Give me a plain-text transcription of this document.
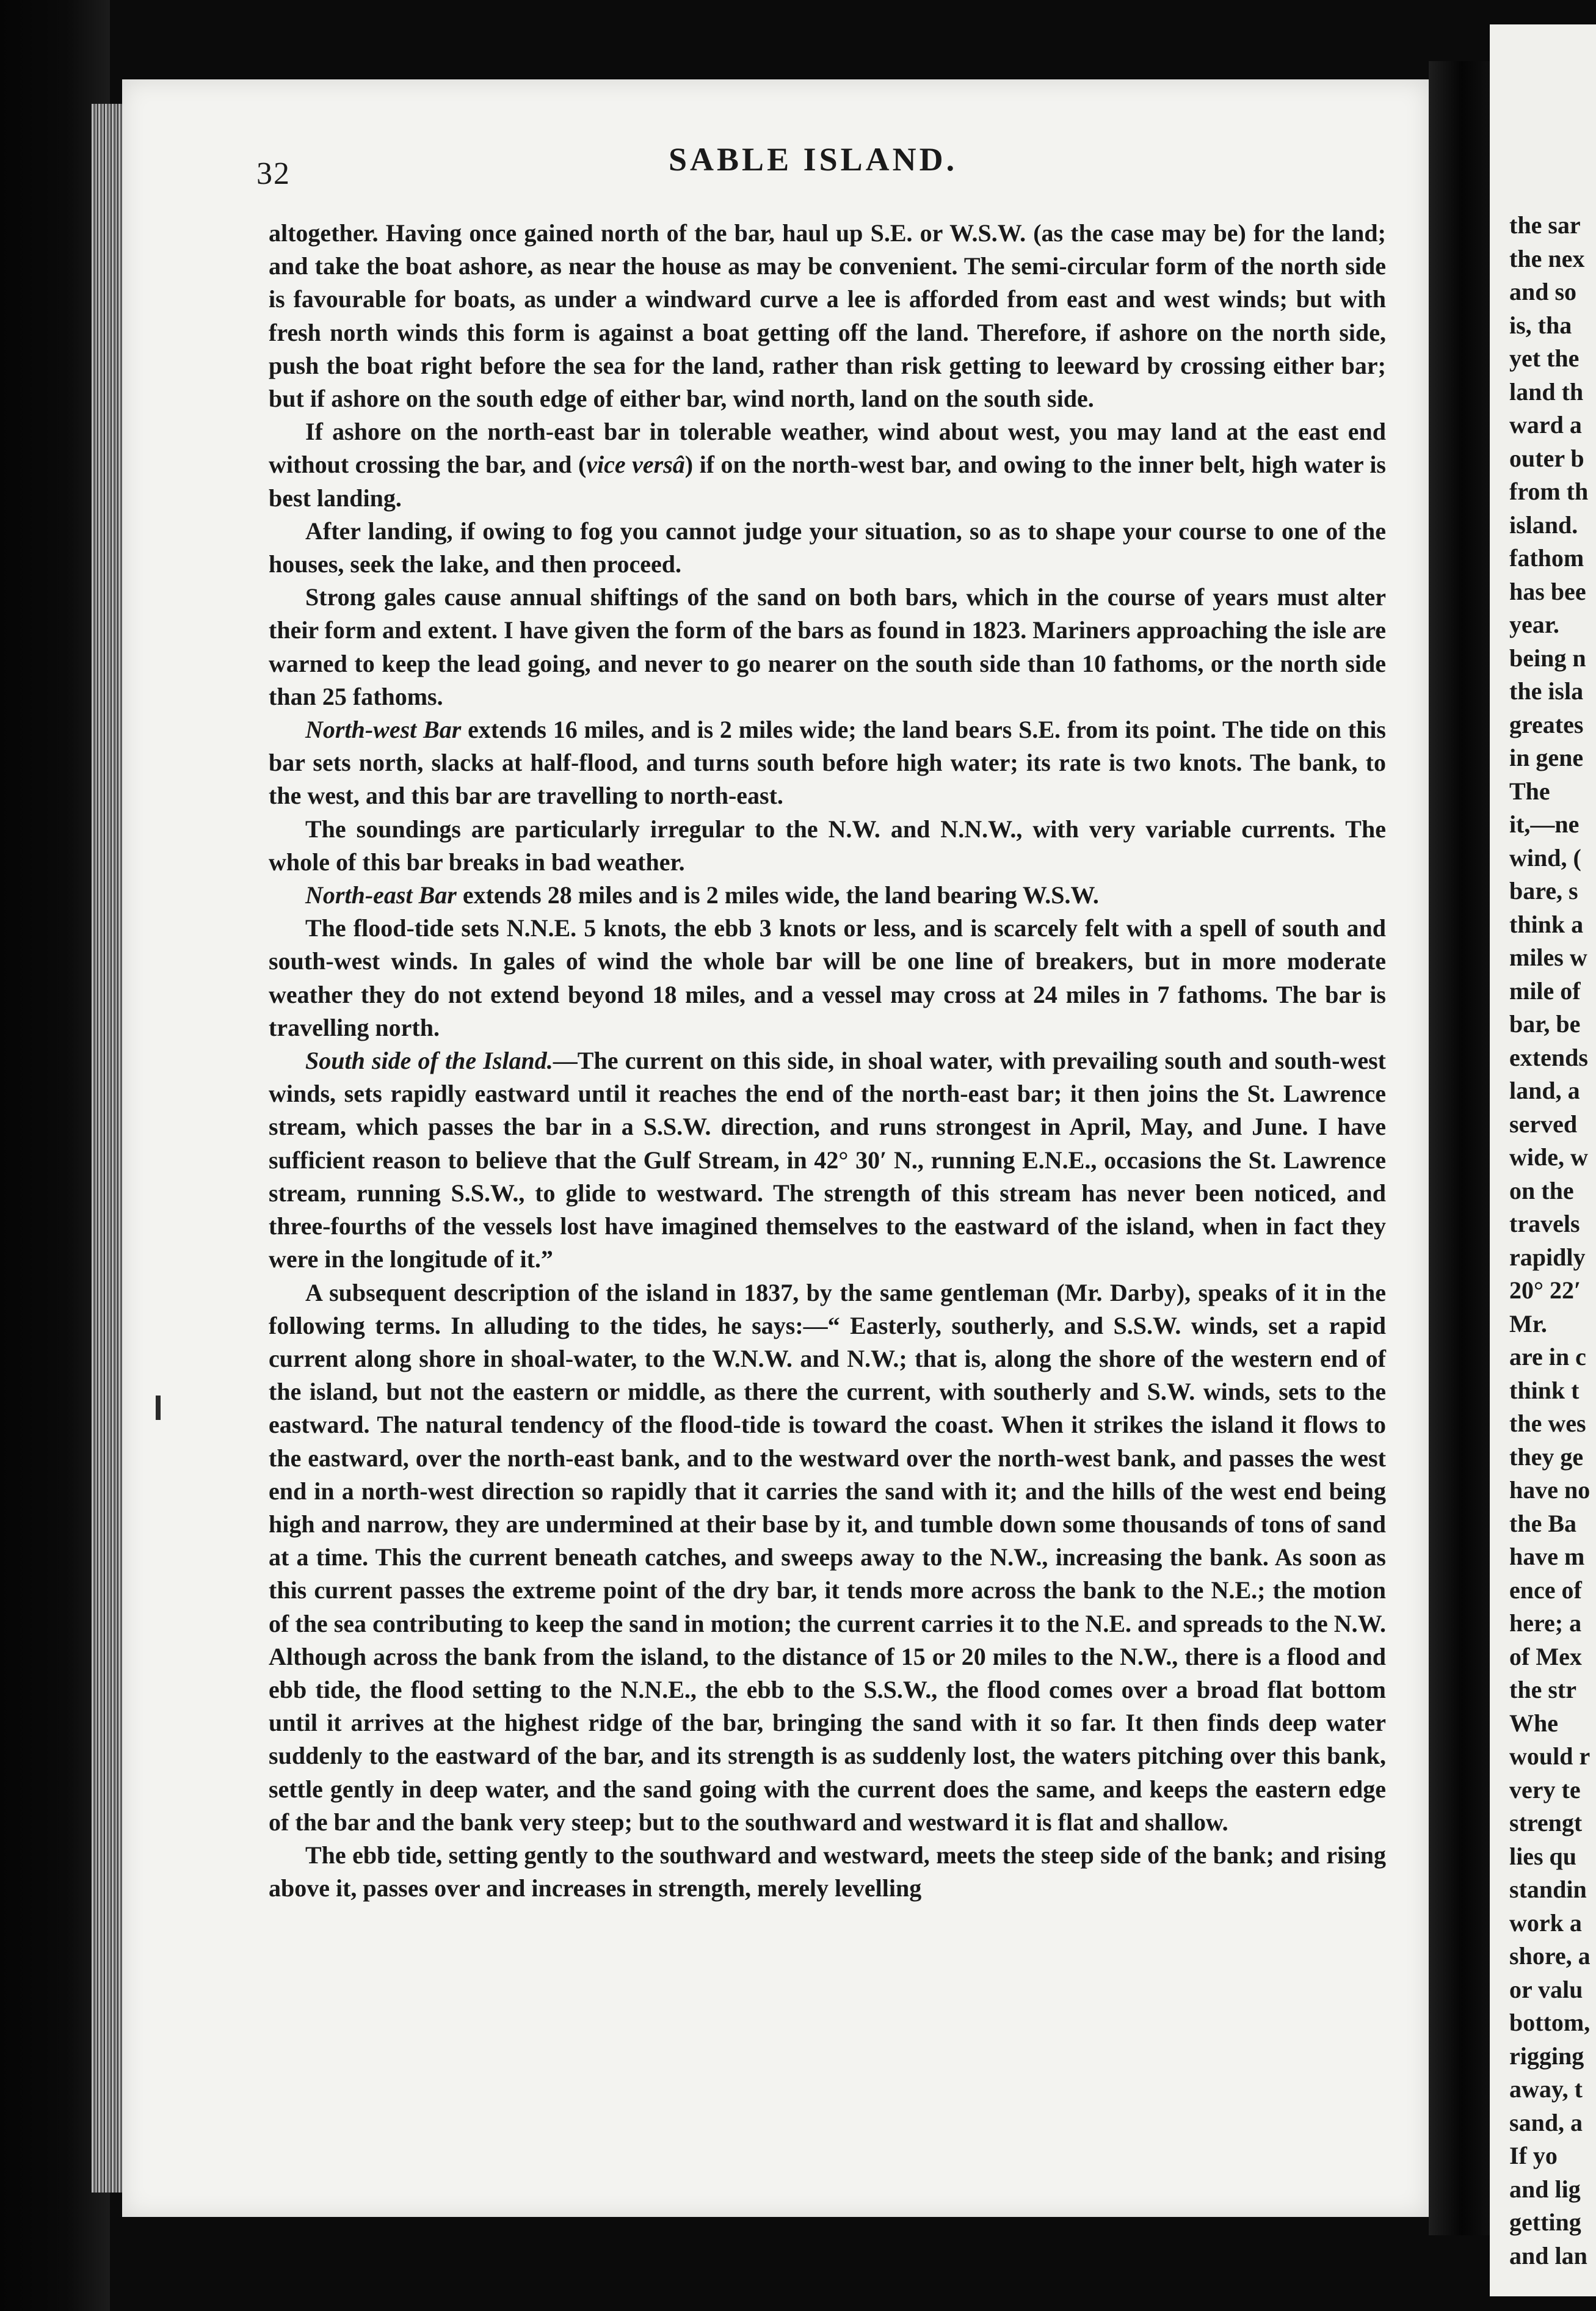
32	SABLE ISLAND.

altogether. Having once gained north of the bar, haul up S.E. or W.S.W. (as the case may be) for the land; and take the boat ashore, as near the house as may be convenient. The semi-circular form of the north side is favourable for boats, as under a windward curve a lee is afforded from east and west winds; but with fresh north winds this form is against a boat getting off the land. Therefore, if ashore on the north side, push the boat right before the sea for the land, rather than risk getting to leeward by crossing either bar; but if ashore on the south edge of either bar, wind north, land on the south side.

If ashore on the north-east bar in tolerable weather, wind about west, you may land at the east end without crossing the bar, and (vice versâ) if on the north-west bar, and owing to the inner belt, high water is best landing.

After landing, if owing to fog you cannot judge your situation, so as to shape your course to one of the houses, seek the lake, and then proceed.

Strong gales cause annual shiftings of the sand on both bars, which in the course of years must alter their form and extent. I have given the form of the bars as found in 1823. Mariners approaching the isle are warned to keep the lead going, and never to go nearer on the south side than 10 fathoms, or the north side than 25 fathoms.

North-west Bar extends 16 miles, and is 2 miles wide; the land bears S.E. from its point. The tide on this bar sets north, slacks at half-flood, and turns south before high water; its rate is two knots. The bank, to the west, and this bar are travelling to north-east.

The soundings are particularly irregular to the N.W. and N.N.W., with very variable currents. The whole of this bar breaks in bad weather.

North-east Bar extends 28 miles and is 2 miles wide, the land bearing W.S.W.

The flood-tide sets N.N.E. 5 knots, the ebb 3 knots or less, and is scarcely felt with a spell of south and south-west winds. In gales of wind the whole bar will be one line of breakers, but in more moderate weather they do not extend beyond 18 miles, and a vessel may cross at 24 miles in 7 fathoms. The bar is travelling north.

South side of the Island.—The current on this side, in shoal water, with prevailing south and south-west winds, sets rapidly eastward until it reaches the end of the north-east bar; it then joins the St. Lawrence stream, which passes the bar in a S.S.W. direction, and runs strongest in April, May, and June. I have sufficient reason to believe that the Gulf Stream, in 42° 30′ N., running E.N.E., occasions the St. Lawrence stream, running S.S.W., to glide to westward. The strength of this stream has never been noticed, and three-fourths of the vessels lost have imagined themselves to the eastward of the island, when in fact they were in the longitude of it.”

A subsequent description of the island in 1837, by the same gentleman (Mr. Darby), speaks of it in the following terms. In alluding to the tides, he says:—“ Easterly, southerly, and S.S.W. winds, set a rapid current along shore in shoal-water, to the W.N.W. and N.W.; that is, along the shore of the western end of the island, but not the eastern or middle, as there the current, with southerly and S.W. winds, sets to the eastward. The natural tendency of the flood-tide is toward the coast. When it strikes the island it flows to the eastward, over the north-east bank, and to the westward over the north-west bank, and passes the west end in a north-west direction so rapidly that it carries the sand with it; and the hills of the west end being high and narrow, they are undermined at their base by it, and tumble down some thousands of tons of sand at a time. This the current beneath catches, and sweeps away to the N.W., increasing the bank. As soon as this current passes the extreme point of the dry bar, it tends more across the bank to the N.E.; the motion of the sea contributing to keep the sand in motion; the current carries it to the N.E. and spreads to the N.W. Although across the bank from the island, to the distance of 15 or 20 miles to the N.W., there is a flood and ebb tide, the flood setting to the N.N.E., the ebb to the S.S.W., the flood comes over a broad flat bottom until it arrives at the highest ridge of the bar, bringing the sand with it so far. It then finds deep water suddenly to the eastward of the bar, and its strength is as suddenly lost, the waters pitching over this bank, settle gently in deep water, and the sand going with the current does the same, and keeps the eastern edge of the bar and the bank very steep; but to the southward and westward it is flat and shallow.

The ebb tide, setting gently to the southward and westward, meets the steep side of the bank; and rising above it, passes over and increases in strength, merely levelling

the sar
the nex
and so
is, tha
yet the
land th
ward a
outer b
from th
island.
fathom
has bee
year.
being n
the isla
greates
in gene
The
it,—ne
wind, (
bare, s
think a
miles w
mile of
bar, be
extends
land, a
served
wide, w
on the
travels
rapidly
20° 22′
Mr.
are in c
think t
the wes
they ge
have no
the Ba
have m
ence of
here; a
of Mex
the str
Whe
would r
very te
strengt
lies qu
standin
work a
shore, a
or valu
bottom,
rigging
away, t
sand, a
If yo
and lig
getting
and lan
